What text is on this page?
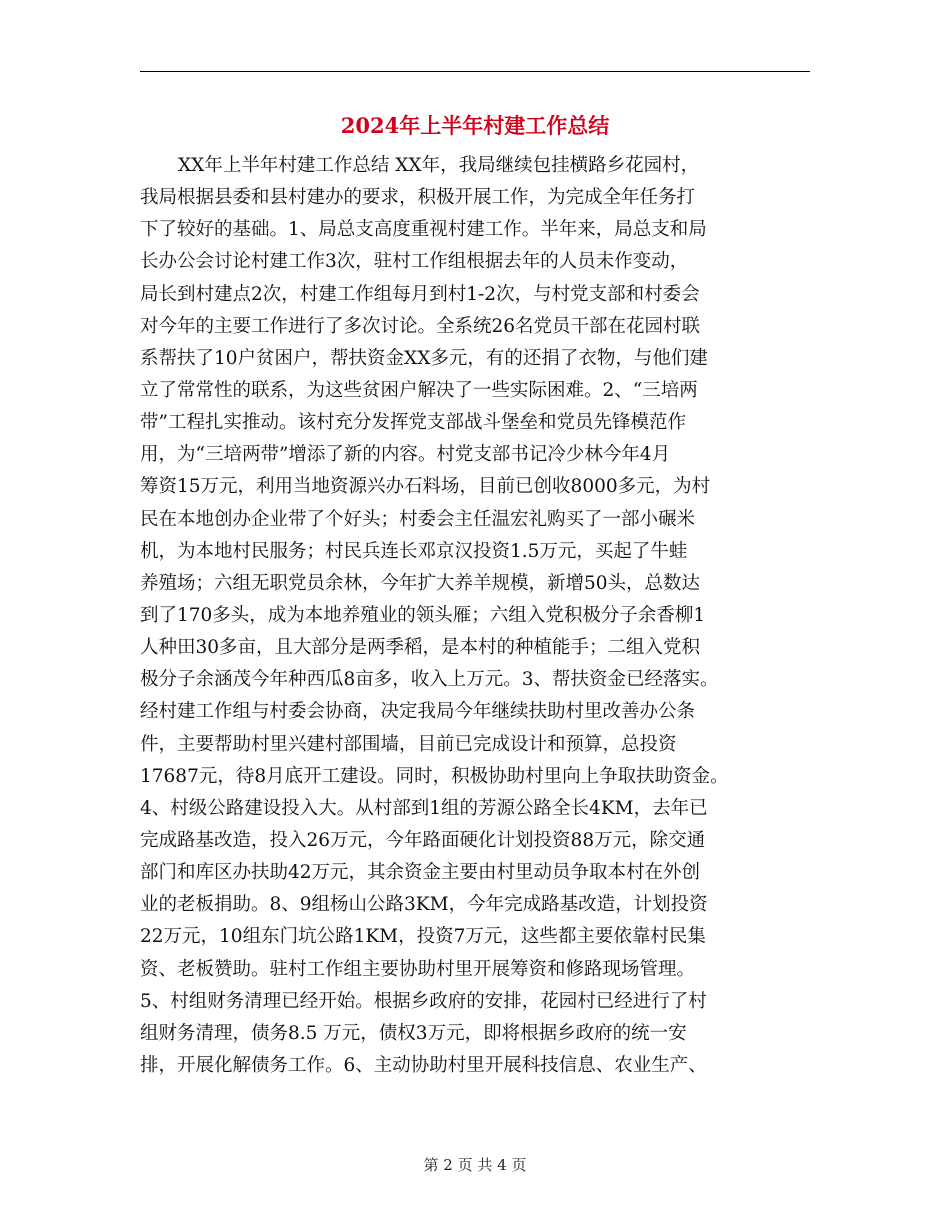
2024年上半年村建工作总结
XX年上半年村建工作总结 XX年，我局继续包挂横路乡花园村，
我局根据县委和县村建办的要求，积极开展工作，为完成全年任务打
下了较好的基础。1、局总支高度重视村建工作。半年来，局总支和局
长办公会讨论村建工作3次，驻村工作组根据去年的人员未作变动，
局长到村建点2次，村建工作组每月到村1-2次，与村党支部和村委会
对今年的主要工作进行了多次讨论。全系统26名党员干部在花园村联
系帮扶了10户贫困户，帮扶资金XX多元，有的还捐了衣物，与他们建
立了常常性的联系，为这些贫困户解决了一些实际困难。2、“三培两
带”工程扎实推动。该村充分发挥党支部战斗堡垒和党员先锋模范作
用，为“三培两带”增添了新的内容。村党支部书记冷少林今年4月
筹资15万元，利用当地资源兴办石料场，目前已创收8000多元，为村
民在本地创办企业带了个好头；村委会主任温宏礼购买了一部小碾米
机，为本地村民服务；村民兵连长邓京汉投资1.5万元，买起了牛蛙
养殖场；六组无职党员余林，今年扩大养羊规模，新增50头，总数达
到了170多头，成为本地养殖业的领头雁；六组入党积极分子余香柳1
人种田30多亩，且大部分是两季稻，是本村的种植能手；二组入党积
极分子余涵茂今年种西瓜8亩多，收入上万元。3、帮扶资金已经落实。
经村建工作组与村委会协商，决定我局今年继续扶助村里改善办公条
件，主要帮助村里兴建村部围墙，目前已完成设计和预算，总投资
17687元，待8月底开工建设。同时，积极协助村里向上争取扶助资金。
4、村级公路建设投入大。从村部到1组的芳源公路全长4KM，去年已
完成路基改造，投入26万元，今年路面硬化计划投资88万元，除交通
部门和库区办扶助42万元，其余资金主要由村里动员争取本村在外创
业的老板捐助。8、9组杨山公路3KM，今年完成路基改造，计划投资
22万元，10组东门坑公路1KM，投资7万元，这些都主要依靠村民集
资、老板赞助。驻村工作组主要协助村里开展筹资和修路现场管理。
5、村组财务清理已经开始。根据乡政府的安排，花园村已经进行了村
组财务清理，债务8.5 万元，债权3万元，即将根据乡政府的统一安
排，开展化解债务工作。6、主动协助村里开展科技信息、农业生产、
第 2 页 共 4 页
